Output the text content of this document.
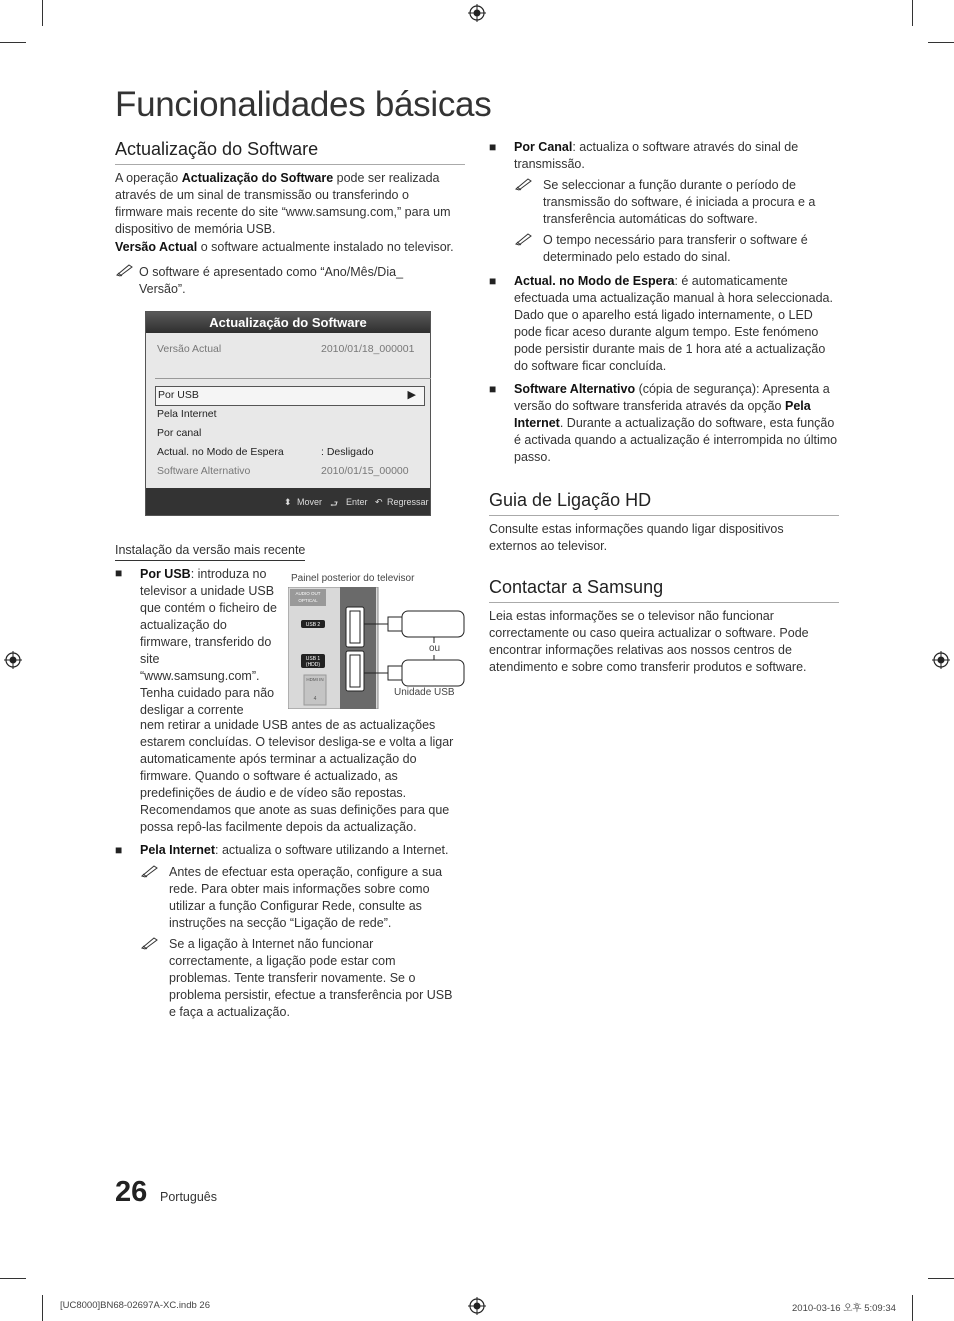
Funcionalidades básicas
Actualização do Software

A operação Actualização do Software pode ser realizada através de um sinal de transmissão ou transferindo o firmware mais recente do site “www.samsung.com,” para um dispositivo de memória USB.

Versão Actual o software actualmente instalado no televisor.

O software é apresentado como “Ano/Mês/Dia_ Versão”.

Actualização do Software
Versão Actual	2010/01/18_000001
Por USB	▶
Pela Internet
Por canal
Actual. no Modo de Espera	: Desligado
Software Alternativo	2010/01/15_00000
⬍ Mover ⮐ Enter ↶ Regressar

Instalação da versão mais recente

■ Por USB: introduza no televisor a unidade USB que contém o ficheiro de actualização do firmware, transferido do site “www.samsung.com”. Tenha cuidado para não desligar a corrente

nem retirar a unidade USB antes de as actualizações estarem concluídas. O televisor desliga-se e volta a ligar automaticamente após terminar a actualização do firmware. Quando o software é actualizado, as predefinições de áudio e de vídeo são repostas. Recomendamos que anote as suas definições para que possa repô-las facilmente depois da actualização.

Painel posterior do televisor
AUDIO OUT
OPTICAL
USB 2
USB 1
(HDD)
HDMI IN
4
ou
Unidade USB
■ Pela Internet: actualiza o software utilizando a Internet.

Antes de efectuar esta operação, configure a sua rede. Para obter mais informações sobre como utilizar a função Configurar Rede, consulte as instruções na secção “Ligação de rede”.

Se a ligação à Internet não funcionar correctamente, a ligação pode estar com problemas. Tente transferir novamente. Se o problema persistir, efectue a transferência por USB e faça a actualização.

■ Por Canal: actualiza o software através do sinal de transmissão.

Se seleccionar a função durante o período de transmissão do software, é iniciada a procura e a transferência automáticas do software.

O tempo necessário para transferir o software é determinado pelo estado do sinal.

■ Actual. no Modo de Espera: é automaticamente efectuada uma actualização manual à hora seleccionada. Dado que o aparelho está ligado internamente, o LED pode ficar aceso durante algum tempo. Este fenómeno pode persistir durante mais de 1 hora até a actualização do software ficar concluída.

■ Software Alternativo (cópia de segurança): Apresenta a versão do software transferida através da opção Pela Internet. Durante a actualização do software, esta função é activada quando a actualização é interrompida no último passo.

Guia de Ligação HD

Consulte estas informações quando ligar dispositivos externos ao televisor.

Contactar a Samsung

Leia estas informações se o televisor não funcionar correctamente ou caso queira actualizar o software. Pode encontrar informações relativas aos nossos centros de atendimento e sobre como transferir produtos e software.

26 Português
[UC8000]BN68-02697A-XC.indb 26	2010-03-16 오후 5:09:34
